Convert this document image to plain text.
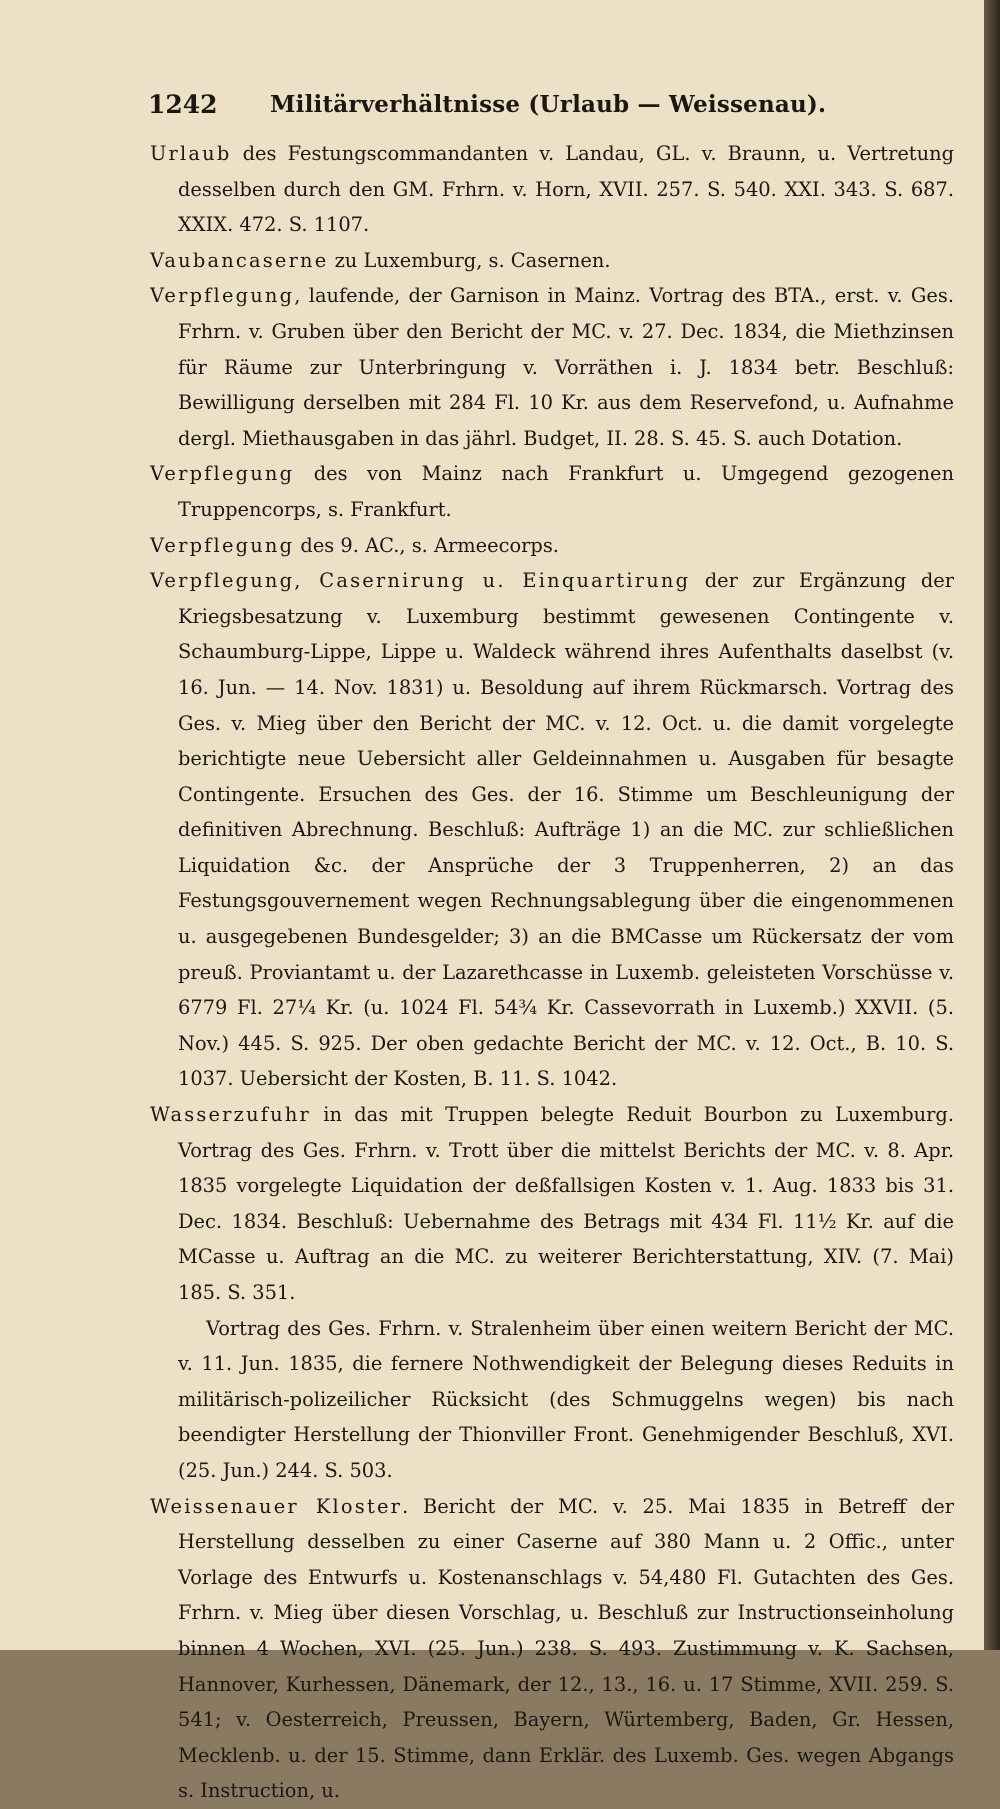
1242 Militärverhältnisse (Urlaub — Weissenau).

Urlaub des Festungscommandanten v. Landau, GL. v. Braunn, u. Vertretung desselben durch den GM. Frhrn. v. Horn, XVII. 257. S. 540. XXI. 343. S. 687. XXIX. 472. S. 1107.

Vaubancaserne zu Luxemburg, s. Casernen.

Verpflegung, laufende, der Garnison in Mainz. Vortrag des BTA., erst. v. Ges. Frhrn. v. Gruben über den Bericht der MC. v. 27. Dec. 1834, die Miethzinsen für Räume zur Unterbringung v. Vorräthen i. J. 1834 betr. Beschluß: Bewilligung derselben mit 284 Fl. 10 Kr. aus dem Reservefond, u. Aufnahme dergl. Miethausgaben in das jährl. Budget, II. 28. S. 45. S. auch Dotation.

Verpflegung des von Mainz nach Frankfurt u. Umgegend gezogenen Truppencorps, s. Frankfurt.

Verpflegung des 9. AC., s. Armeecorps.

Verpflegung, Casernirung u. Einquartirung der zur Ergänzung der Kriegsbesatzung v. Luxemburg bestimmt gewesenen Contingente v. Schaumburg-Lippe, Lippe u. Waldeck während ihres Aufenthalts daselbst (v. 16. Jun. — 14. Nov. 1831) u. Besoldung auf ihrem Rückmarsch. Vortrag des Ges. v. Mieg über den Bericht der MC. v. 12. Oct. u. die damit vorgelegte berichtigte neue Uebersicht aller Geldeinnahmen u. Ausgaben für besagte Contingente. Ersuchen des Ges. der 16. Stimme um Beschleunigung der definitiven Abrechnung. Beschluß: Aufträge 1) an die MC. zur schließlichen Liquidation &c. der Ansprüche der 3 Truppenherren, 2) an das Festungsgouvernement wegen Rechnungsablegung über die eingenommenen u. ausgegebenen Bundesgelder; 3) an die BMCasse um Rückersatz der vom preuß. Proviantamt u. der Lazarethcasse in Luxemb. geleisteten Vorschüsse v. 6779 Fl. 27¼ Kr. (u. 1024 Fl. 54¾ Kr. Cassevorrath in Luxemb.) XXVII. (5. Nov.) 445. S. 925. Der oben gedachte Bericht der MC. v. 12. Oct., B. 10. S. 1037. Uebersicht der Kosten, B. 11. S. 1042.

Wasserzufuhr in das mit Truppen belegte Reduit Bourbon zu Luxemburg. Vortrag des Ges. Frhrn. v. Trott über die mittelst Berichts der MC. v. 8. Apr. 1835 vorgelegte Liquidation der deßfallsigen Kosten v. 1. Aug. 1833 bis 31. Dec. 1834. Beschluß: Uebernahme des Betrags mit 434 Fl. 11½ Kr. auf die MCasse u. Auftrag an die MC. zu weiterer Berichterstattung, XIV. (7. Mai) 185. S. 351.

Vortrag des Ges. Frhrn. v. Stralenheim über einen weitern Bericht der MC. v. 11. Jun. 1835, die fernere Nothwendigkeit der Belegung dieses Reduits in militärisch-polizeilicher Rücksicht (des Schmuggelns wegen) bis nach beendigter Herstellung der Thionviller Front. Genehmigender Beschluß, XVI. (25. Jun.) 244. S. 503.

Weissenauer Kloster. Bericht der MC. v. 25. Mai 1835 in Betreff der Herstellung desselben zu einer Caserne auf 380 Mann u. 2 Offic., unter Vorlage des Entwurfs u. Kostenanschlags v. 54,480 Fl. Gutachten des Ges. Frhrn. v. Mieg über diesen Vorschlag, u. Beschluß zur Instructionseinholung binnen 4 Wochen, XVI. (25. Jun.) 238. S. 493. Zustimmung v. K. Sachsen, Hannover, Kurhessen, Dänemark, der 12., 13., 16. u. 17 Stimme, XVII. 259. S. 541; v. Oesterreich, Preussen, Bayern, Würtemberg, Baden, Gr. Hessen, Mecklenb. u. der 15. Stimme, dann Erklär. des Luxemb. Ges. wegen Abgangs s. Instruction, u.
